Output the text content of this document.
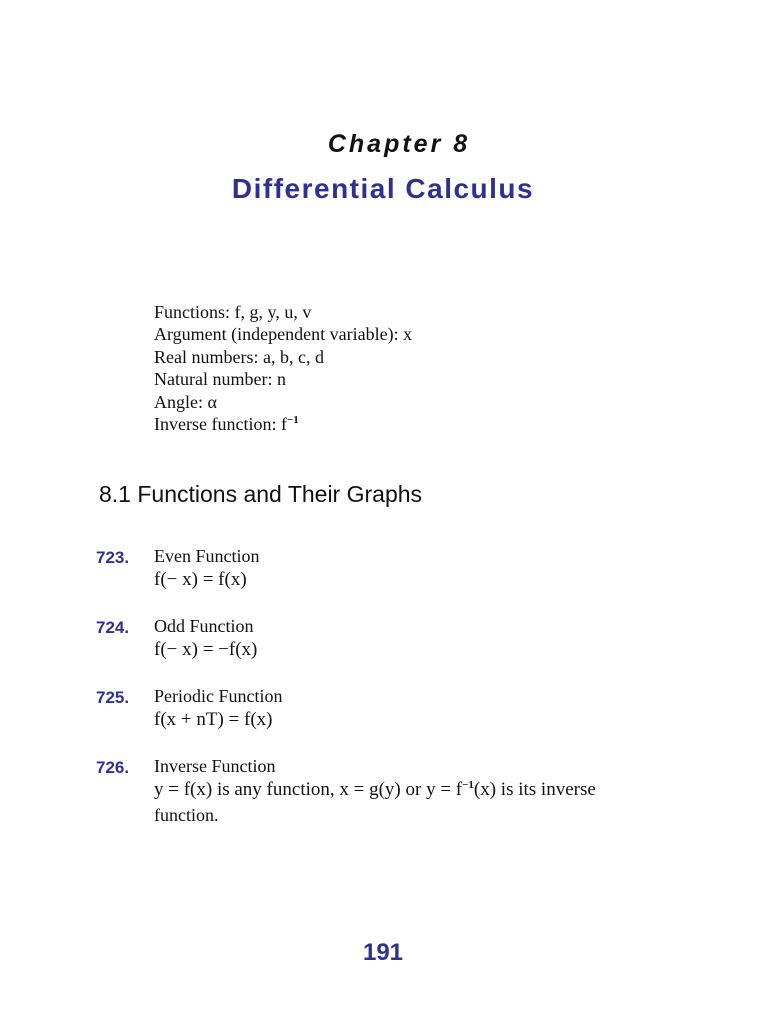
Chapter 8
Differential Calculus
Functions: f, g, y, u, v
Argument (independent variable): x
Real numbers: a, b, c, d
Natural number: n
Angle: α
Inverse function: $f^{-1}$
8.1 Functions and Their Graphs
723. Even Function
f(− x) = f(x)
724. Odd Function
f(− x) = −f(x)
725. Periodic Function
f(x + nT) = f(x)
726. Inverse Function
y = f(x) is any function, x = g(y) or $y = f^{-1}(x)$ is its inverse
function.
191
